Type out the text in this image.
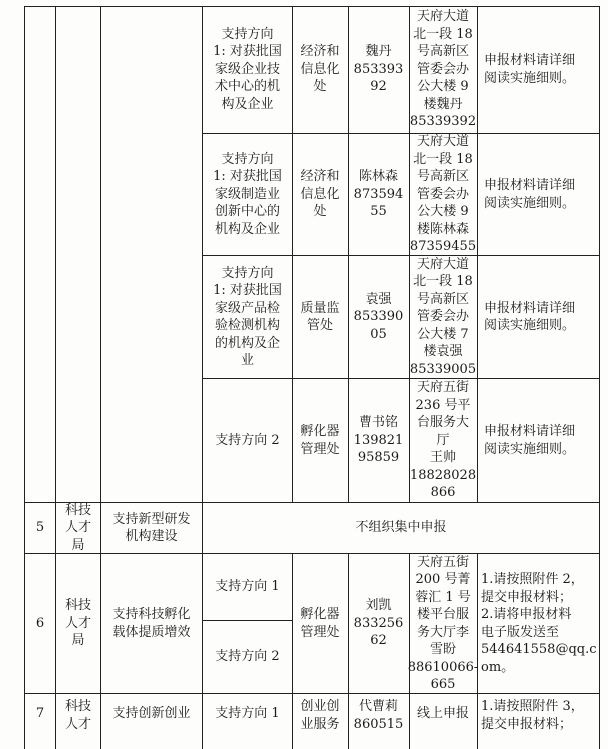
支持方向
1: 对获批国
家级企业技
术中心的机
构及企业
经济和
信息化
处
魏丹
853393
92
天府大道
北一段 18
号高新区
管委会办
公大楼 9
楼魏丹
85339392
申报材料请详细
阅读实施细则。
支持方向
1: 对获批国
家级制造业
创新中心的
机构及企业
经济和
信息化
处
陈林森
873594
55
天府大道
北一段 18
号高新区
管委会办
公大楼 9
楼陈林森
87359455
申报材料请详细
阅读实施细则。
支持方向
1: 对获批国
家级产品检
验检测机构
的机构及企
业
质量监
管处
袁强
853390
05
天府大道
北一段 18
号高新区
管委会办
公大楼 7
楼袁强
85339005
申报材料请详细
阅读实施细则。
支持方向 2
孵化器
管理处
曹书铭
139821
95859
天府五街
236 号平
台服务大
厅
王帅
18828028
866
申报材料请详细
阅读实施细则。
5
科技
人才
局
支持新型研发
机构建设
不组织集中申报
6
科技
人才
局
支持科技孵化
载体提质增效
支持方向 1
支持方向 2
孵化器
管理处
刘凯
833256
62
天府五街
200 号菁
蓉汇 1 号
楼平台服
务大厅李
雪盼
88610066-
665
1.请按照附件 2，
提交申报材料；
2.请将申报材料
电子版发送至
544641558@qq.c
om。
7 科技
人才
支持创新创业 支持方向 1 创业创
业服务
代曹莉
860515
线上申报 1.请按照附件 3，
提交申报材料；
